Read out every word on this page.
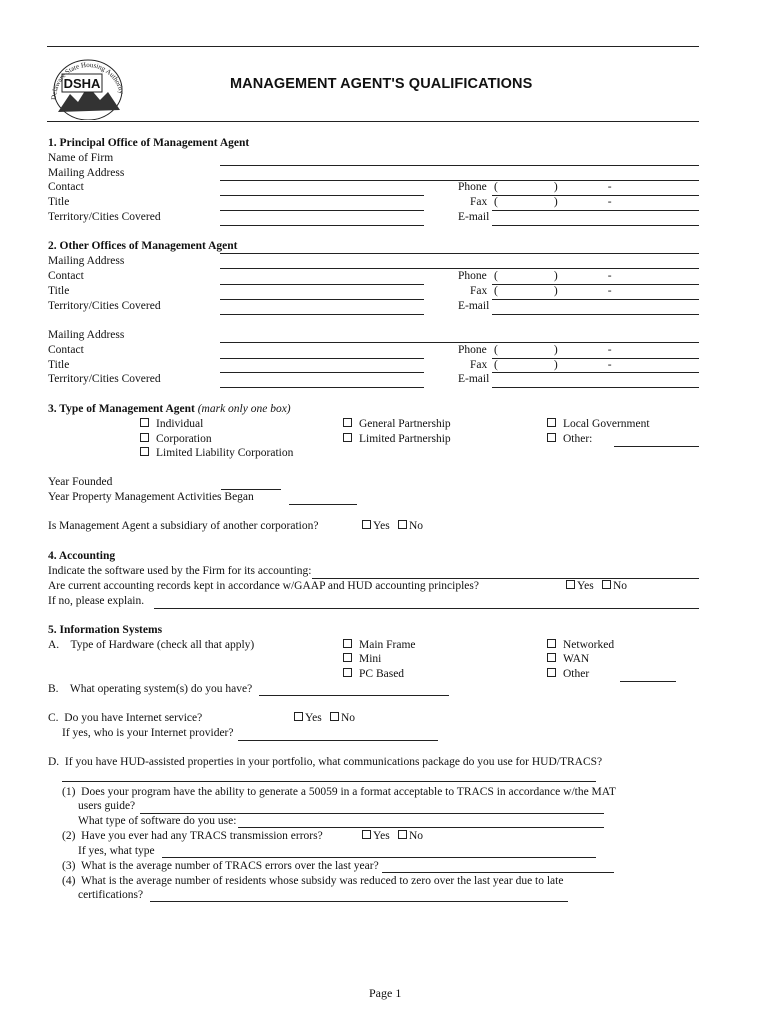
DSHA
Delaware State Housing Authority
MANAGEMENT AGENT'S QUALIFICATIONS
1. Principal Office of Management Agent
Name of Firm
Mailing Address
Contact
Title
Territory/Cities Covered
Phone (	)	-
Fax (	)	-
E-mail
2. Other Offices of Management Agent
Mailing Address
Contact
Title
Territory/Cities Covered
Phone (	)	-
Fax (	)	-
E-mail
Mailing Address
Contact
Title
Territory/Cities Covered
Phone (	)	-
Fax (	)	-
E-mail
3. Type of Management Agent (mark only one box)
Individual
Corporation
Limited Liability Corporation
General Partnership
Limited Partnership
Local Government
Other:
Year Founded
Year Property Management Activities Began
Is Management Agent a subsidiary of another corporation?	Yes	No
4. Accounting
Indicate the software used by the Firm for its accounting:
Are current accounting records kept in accordance w/GAAP and HUD accounting principles?	Yes	No
If no, please explain.
5. Information Systems
A.    Type of Hardware (check all that apply)	Main Frame
Mini
PC Based
Networked
WAN
Other
B.    What operating system(s) do you have?
C.  Do you have Internet service?	Yes	No
If yes, who is your Internet provider?
D.  If you have HUD-assisted properties in your portfolio, what communications package do you use for HUD/TRACS?
(1)  Does your program have the ability to generate a 50059 in a format acceptable to TRACS in accordance w/the MAT
users guide?
What type of software do you use:
(2)  Have you ever had any TRACS transmission errors?	Yes	No
If yes, what type
(3)  What is the average number of TRACS errors over the last year?
(4)  What is the average number of residents whose subsidy was reduced to zero over the last year due to late
certifications?
Page 1
